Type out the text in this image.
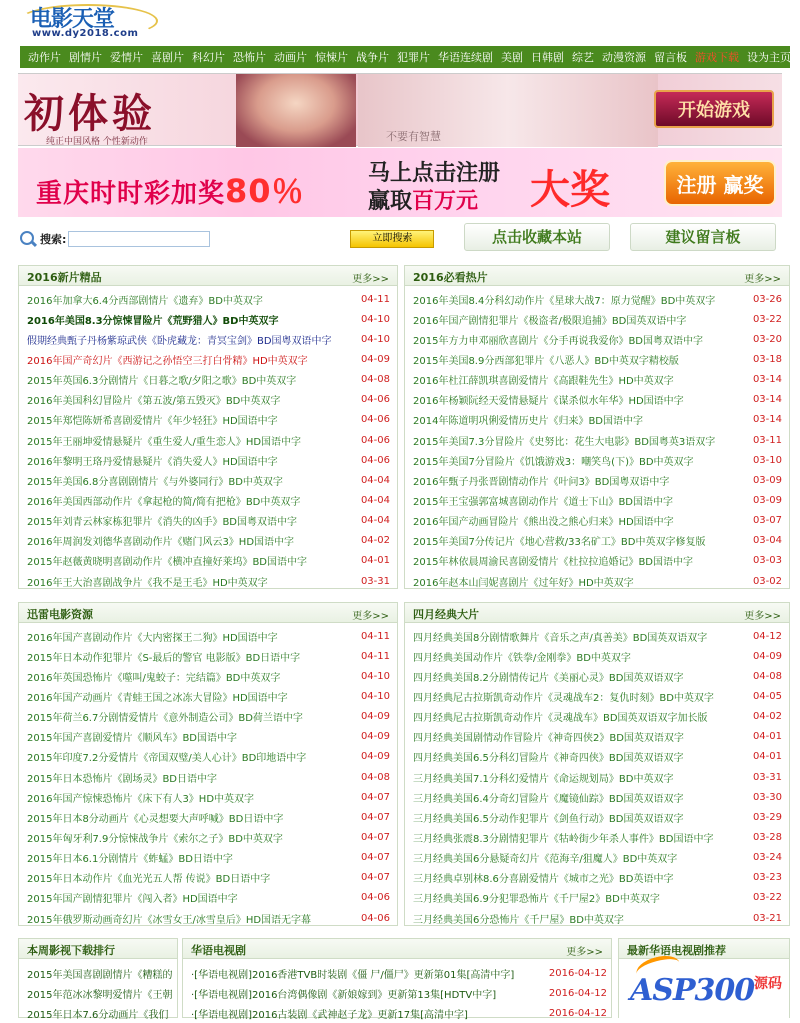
电影天堂
www.dy2018.com
动作片 剧情片 爱情片 喜剧片 科幻片 恐怖片 动画片 惊悚片 战争片 犯罪片 华语连续剧 美剧 日韩剧 综艺 动漫资源 留言板 游戏下载 设为主页
初体验
纯正中国风格 个性新动作	不要有智慧
开始游戏
重庆时时彩加奖80％	马上点击注册
赢取百万元 大奖	注册 赢奖
搜索:	立即搜索	点击收藏本站	建议留言板
2016新片精品	更多>>
2016年加拿大6.4分西部剧情片《遗弃》BD中英双字	04-11
2016年美国8.3分惊悚冒险片《荒野猎人》BD中英双字	04-10
假期经典甄子丹杨紫琼武侠《卧虎藏龙：青冥宝剑》BD国粤双语中字	04-10
2016年国产奇幻片《西游记之孙悟空三打白骨精》HD中英双字	04-09
2015年英国6.3分剧情片《日暮之歌/夕阳之歌》BD中英双字	04-08
2016年美国科幻冒险片《第五波/第五毁灭》BD中英双字	04-06
2015年郑恺陈妍希喜剧爱情片《年少轻狂》HD国语中字	04-06
2015年王丽坤爱情悬疑片《重生爱人/重生恋人》HD国语中字	04-06
2016年黎明王珞丹爱情悬疑片《消失爱人》HD国语中字	04-06
2015年美国6.8分喜剧剧情片《与外婆同行》BD中英双字	04-04
2016年美国西部动作片《拿起枪的简/简有把枪》BD中英双字	04-04
2015年刘青云林家栋犯罪片《消失的凶手》BD国粤双语中字	04-04
2016年周润发刘德华喜剧动作片《赌门风云3》HD国语中字	04-02
2015年赵薇黄晓明喜剧动作片《横冲直撞好莱坞》BD国语中字	04-01
2016年王大治喜剧战争片《我不是王毛》HD中英双字	03-31
2016必看热片	更多>>
2016年美国8.4分科幻动作片《星球大战7：原力觉醒》BD中英双字	03-26
2016年国产剧情犯罪片《极盗者/极限追捕》BD国英双语中字	03-22
2015年方力申邓丽欣喜剧片《分手再说我爱你》BD国粤双语中字	03-20
2015年美国8.9分西部犯罪片《八恶人》BD中英双字精校版	03-18
2016年杜江薛凯琪喜剧爱情片《高跟鞋先生》HD中英双字	03-14
2016年杨颖阮经天爱情悬疑片《谋杀似水年华》HD国语中字	03-14
2014年陈道明巩俐爱情历史片《归来》BD国语中字	03-14
2015年美国7.3分冒险片《史努比：花生大电影》BD国粤英3语双字	03-11
2015年美国7分冒险片《饥饿游戏3：嘲笑鸟(下)》BD中英双字	03-10
2016年甄子丹张晋剧情动作片《叶问3》BD国粤双语中字	03-09
2015年王宝强郭富城喜剧动作片《道士下山》BD国语中字	03-09
2016年国产动画冒险片《熊出没之熊心归来》HD国语中字	03-07
2015年美国7分传记片《地心营救/33名矿工》BD中英双字修复版	03-04
2015年林依晨周渝民喜剧爱情片《杜拉拉追婚记》BD国语中字	03-03
2016年赵本山闫妮喜剧片《过年好》HD中英双字	03-02
迅雷电影资源	更多>>
2016年国产喜剧动作片《大内密探王二狗》HD国语中字	04-11
2015年日本动作犯罪片《S-最后的警官 电影版》BD日语中字	04-11
2016年英国恐怖片《噬叫/鬼蛟子：完结篇》BD中英双字	04-10
2016年国产动画片《青蛙王国之冰冻大冒险》HD国语中字	04-10
2015年荷兰6.7分剧情爱情片《意外制造公司》BD荷兰语中字	04-09
2015年国产喜剧爱情片《顺风车》BD国语中字	04-09
2015年印度7.2分爱情片《帝国双璧/美人心计》BD印地语中字	04-09
2015年日本恐怖片《剧场灵》BD日语中字	04-08
2016年国产惊悚恐怖片《床下有人3》HD中英双字	04-07
2015年日本8分动画片《心灵想要大声呼喊》BD日语中字	04-07
2015年匈牙利7.9分惊悚战争片《索尔之子》BD中英双字	04-07
2015年日本6.1分剧情片《蚱蜢》BD日语中字	04-07
2015年日本动作片《血光光五人帮 传说》BD日语中字	04-07
2015年国产剧情犯罪片《闯入者》HD国语中字	04-06
2015年俄罗斯动画奇幻片《冰雪女王/冰雪皇后》HD国语无字幕	04-06
四月经典大片	更多>>
四月经典美国8分剧情歌舞片《音乐之声/真善美》BD国英双语双字	04-12
四月经典美国动作片《铁拳/金刚拳》BD中英双字	04-09
四月经典美国8.2分剧情传记片《美丽心灵》BD国英双语双字	04-08
四月经典尼古拉斯凯奇动作片《灵魂战车2：复仇时刻》BD中英双字	04-05
四月经典尼古拉斯凯奇动作片《灵魂战车》BD国英双语双字加长版	04-02
四月经典美国剧情动作冒险片《神奇四侠2》BD国英双语双字	04-01
四月经典美国6.5分科幻冒险片《神奇四侠》BD国英双语双字	04-01
三月经典美国7.1分科幻爱情片《命运规划局》BD中英双字	03-31
三月经典美国6.4分奇幻冒险片《魔镜仙踪》BD国英双语双字	03-30
三月经典美国6.5分动作犯罪片《剑鱼行动》BD国英双语双字	03-29
三月经典张震8.3分剧情犯罪片《牯岭街少年杀人事件》BD国语中字	03-28
三月经典美国6分悬疑奇幻片《范海辛/狙魔人》BD中英双字	03-24
三月经典卓别林8.6分喜剧爱情片《城市之光》BD英语中字	03-23
三月经典美国6.9分犯罪恐怖片《千尸屋2》BD中英双字	03-22
三月经典美国6分恐怖片《千尸屋》BD中英双字	03-21
本周影视下载排行
2015年美国喜剧剧情片《糟糕的
2015年范冰冰黎明爱情片《王朝
2015年日本7.6分动画片《我们
华语电视剧	更多>>
·[华语电视剧]2016香港TVB时装剧《僵 尸/僵尸》更新第01集[高清中字]	2016-04-12
·[华语电视剧]2016台湾偶像剧《新娘嫁到》更新第13集[HDTV中字]	2016-04-12
·[华语电视剧]2016古装剧《武神赵子龙》更新17集[高清中字]	2016-04-12
最新华语电视剧推荐
ASP300 源码
